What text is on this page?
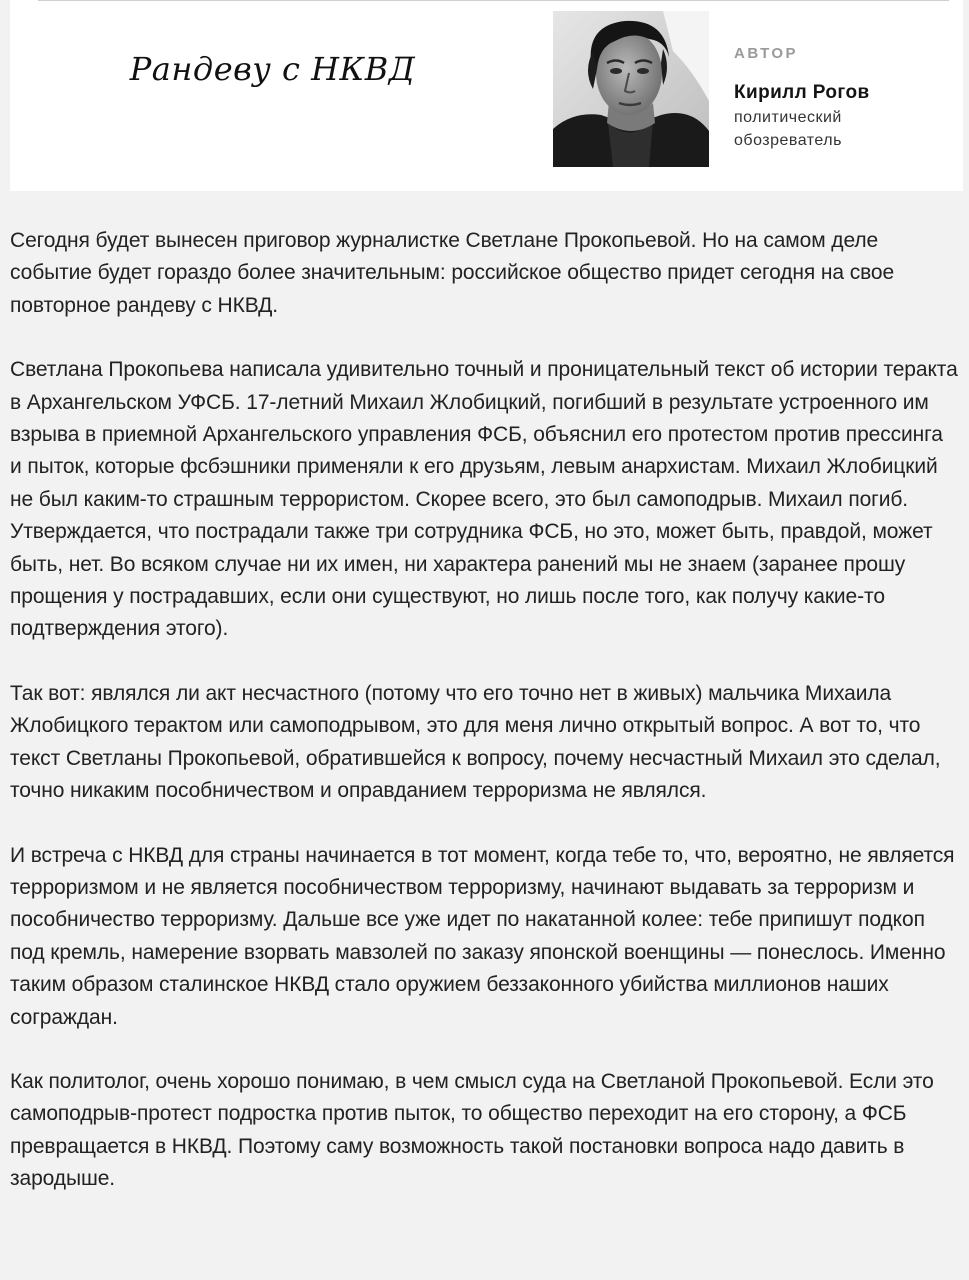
Рандеву с НКВД	АВТОР
Кирилл Рогов
политический обозреватель

Сегодня будет вынесен приговор журналистке Светлане Прокопьевой. Но на самом деле событие будет гораздо более значительным: российское общество придет сегодня на свое повторное рандеву с НКВД.

Светлана Прокопьева написала удивительно точный и проницательный текст об истории теракта в Архангельском УФСБ. 17-летний Михаил Жлобицкий, погибший в результате устроенного им взрыва в приемной Архангельского управления ФСБ, объяснил его протестом против прессинга и пыток, которые фсбэшники применяли к его друзьям, левым анархистам. Михаил Жлобицкий не был каким-то страшным террористом. Скорее всего, это был самоподрыв. Михаил погиб. Утверждается, что пострадали также три сотрудника ФСБ, но это, может быть, правдой, может быть, нет. Во всяком случае ни их имен, ни характера ранений мы не знаем (заранее прошу прощения у пострадавших, если они существуют, но лишь после того, как получу какие-то подтверждения этого).

Так вот: являлся ли акт несчастного (потому что его точно нет в живых) мальчика Михаила Жлобицкого терактом или самоподрывом, это для меня лично открытый вопрос. А вот то, что текст Светланы Прокопьевой, обратившейся к вопросу, почему несчастный Михаил это сделал, точно никаким пособничеством и оправданием терроризма не являлся.

И встреча с НКВД для страны начинается в тот момент, когда тебе то, что, вероятно, не является терроризмом и не является пособничеством терроризму, начинают выдавать за терроризм и пособничество терроризму. Дальше все уже идет по накатанной колее: тебе припишут подкоп под кремль, намерение взорвать мавзолей по заказу японской военщины — понеслось. Именно таким образом сталинское НКВД стало оружием беззаконного убийства миллионов наших сограждан.

Как политолог, очень хорошо понимаю, в чем смысл суда на Светланой Прокопьевой. Если это самоподрыв-протест подростка против пыток, то общество переходит на его сторону, а ФСБ превращается в НКВД. Поэтому саму возможность такой постановки вопроса надо давить в зародыше.
